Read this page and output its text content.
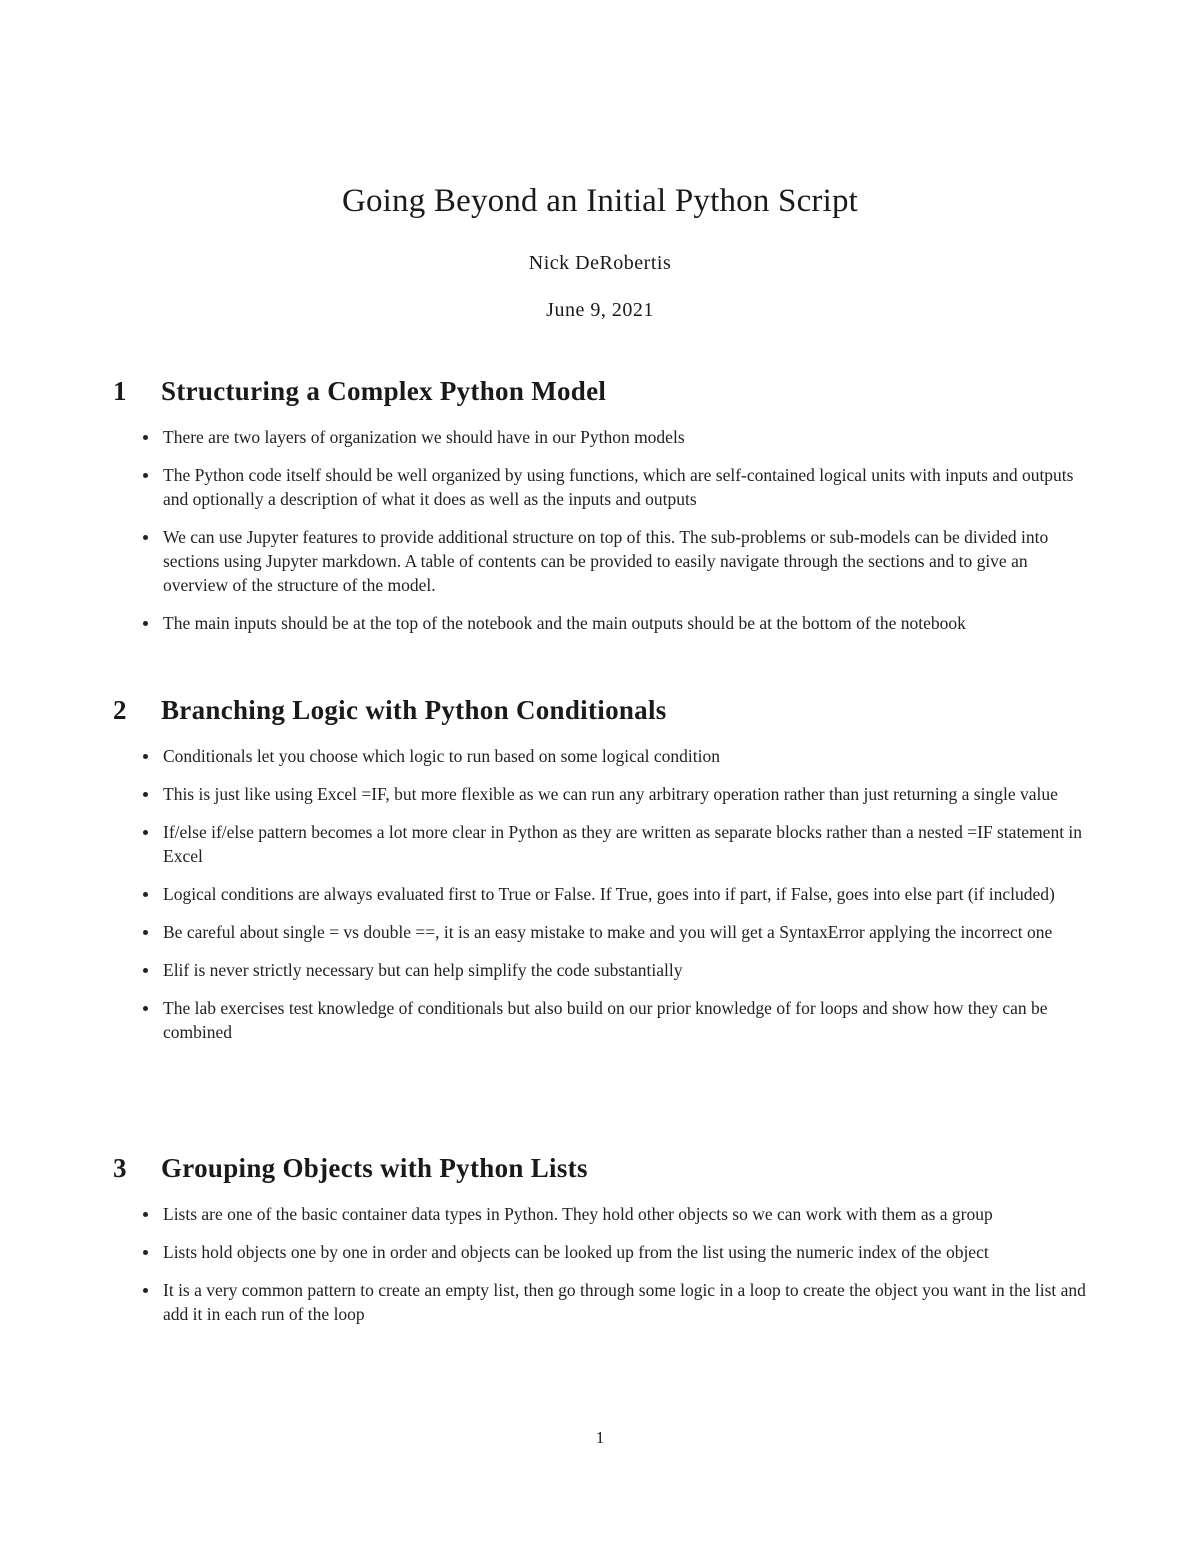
Going Beyond an Initial Python Script
Nick DeRobertis
June 9, 2021
1	Structuring a Complex Python Model
There are two layers of organization we should have in our Python models
The Python code itself should be well organized by using functions, which are self-contained logical units with inputs and outputs and optionally a description of what it does as well as the inputs and outputs
We can use Jupyter features to provide additional structure on top of this. The sub-problems or sub-models can be divided into sections using Jupyter markdown. A table of contents can be provided to easily navigate through the sections and to give an overview of the structure of the model.
The main inputs should be at the top of the notebook and the main outputs should be at the bottom of the notebook
2	Branching Logic with Python Conditionals
Conditionals let you choose which logic to run based on some logical condition
This is just like using Excel =IF, but more flexible as we can run any arbitrary operation rather than just returning a single value
If/else if/else pattern becomes a lot more clear in Python as they are written as separate blocks rather than a nested =IF statement in Excel
Logical conditions are always evaluated first to True or False. If True, goes into if part, if False, goes into else part (if included)
Be careful about single = vs double ==, it is an easy mistake to make and you will get a SyntaxError applying the incorrect one
Elif is never strictly necessary but can help simplify the code substantially
The lab exercises test knowledge of conditionals but also build on our prior knowledge of for loops and show how they can be combined
3	Grouping Objects with Python Lists
Lists are one of the basic container data types in Python. They hold other objects so we can work with them as a group
Lists hold objects one by one in order and objects can be looked up from the list using the numeric index of the object
It is a very common pattern to create an empty list, then go through some logic in a loop to create the object you want in the list and add it in each run of the loop
1
